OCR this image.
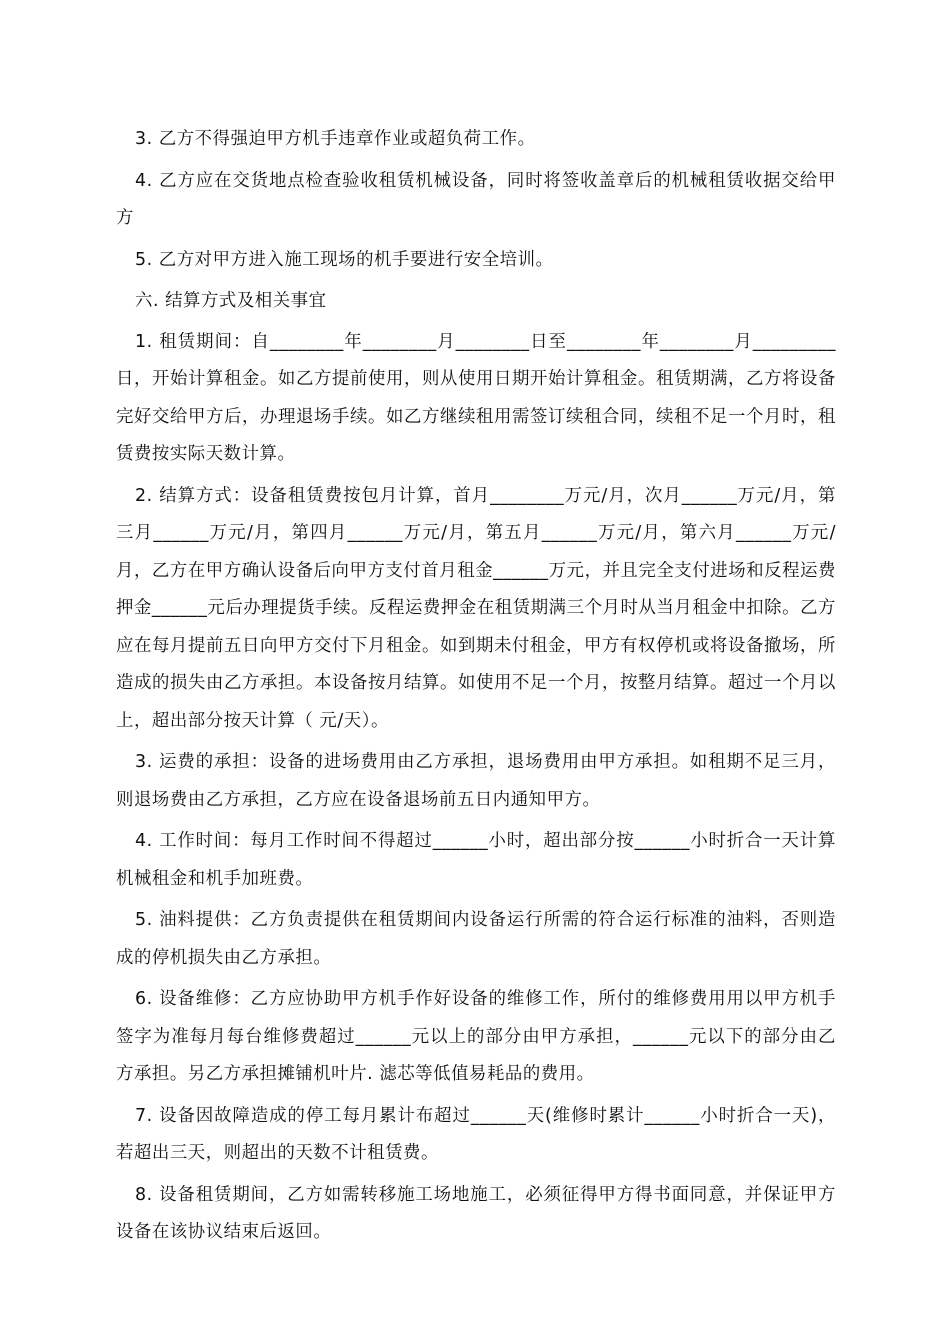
3. 乙方不得强迫甲方机手违章作业或超负荷工作。

4. 乙方应在交货地点检查验收租赁机械设备，同时将签收盖章后的机械租赁收据交给甲方

5. 乙方对甲方进入施工现场的机手要进行安全培训。

六. 结算方式及相关事宜

1. 租赁期间：自________年________月________日至________年________月_________日，开始计算租金。如乙方提前使用，则从使用日期开始计算租金。租赁期满，乙方将设备完好交给甲方后，办理退场手续。如乙方继续租用需签订续租合同，续租不足一个月时，租赁费按实际天数计算。

2. 结算方式：设备租赁费按包月计算，首月________万元/月，次月______万元/月，第三月______万元/月，第四月______万元/月，第五月______万元/月，第六月______万元/月，乙方在甲方确认设备后向甲方支付首月租金______万元，并且完全支付进场和反程运费押金______元后办理提货手续。反程运费押金在租赁期满三个月时从当月租金中扣除。乙方应在每月提前五日向甲方交付下月租金。如到期未付租金，甲方有权停机或将设备撤场，所造成的损失由乙方承担。本设备按月结算。如使用不足一个月，按整月结算。超过一个月以上，超出部分按天计算（ 元/天）。

3. 运费的承担：设备的进场费用由乙方承担，退场费用由甲方承担。如租期不足三月，则退场费由乙方承担，乙方应在设备退场前五日内通知甲方。

4. 工作时间：每月工作时间不得超过______小时，超出部分按______小时折合一天计算机械租金和机手加班费。

5. 油料提供：乙方负责提供在租赁期间内设备运行所需的符合运行标准的油料，否则造成的停机损失由乙方承担。

6. 设备维修：乙方应协助甲方机手作好设备的维修工作，所付的维修费用用以甲方机手签字为准每月每台维修费超过______元以上的部分由甲方承担，______元以下的部分由乙方承担。另乙方承担摊铺机叶片. 滤芯等低值易耗品的费用。

7. 设备因故障造成的停工每月累计布超过______天(维修时累计______小时折合一天)，若超出三天，则超出的天数不计租赁费。

8. 设备租赁期间，乙方如需转移施工场地施工，必须征得甲方得书面同意，并保证甲方设备在该协议结束后返回。
